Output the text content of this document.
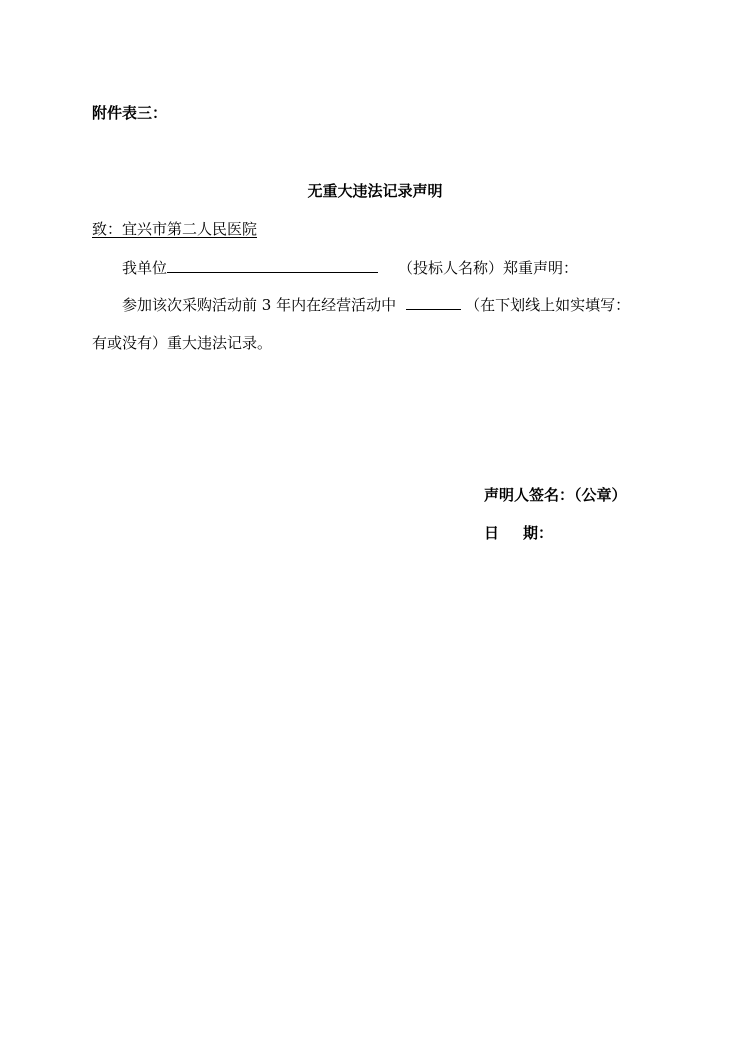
附件表三：
无重大违法记录声明
致：宜兴市第二人民医院
我单位	（投标人名称）郑重声明：
参加该次采购活动前 3 年内在经营活动中	（在下划线上如实填写：
有或没有）重大违法记录。
声明人签名：（公章）
日 期：
